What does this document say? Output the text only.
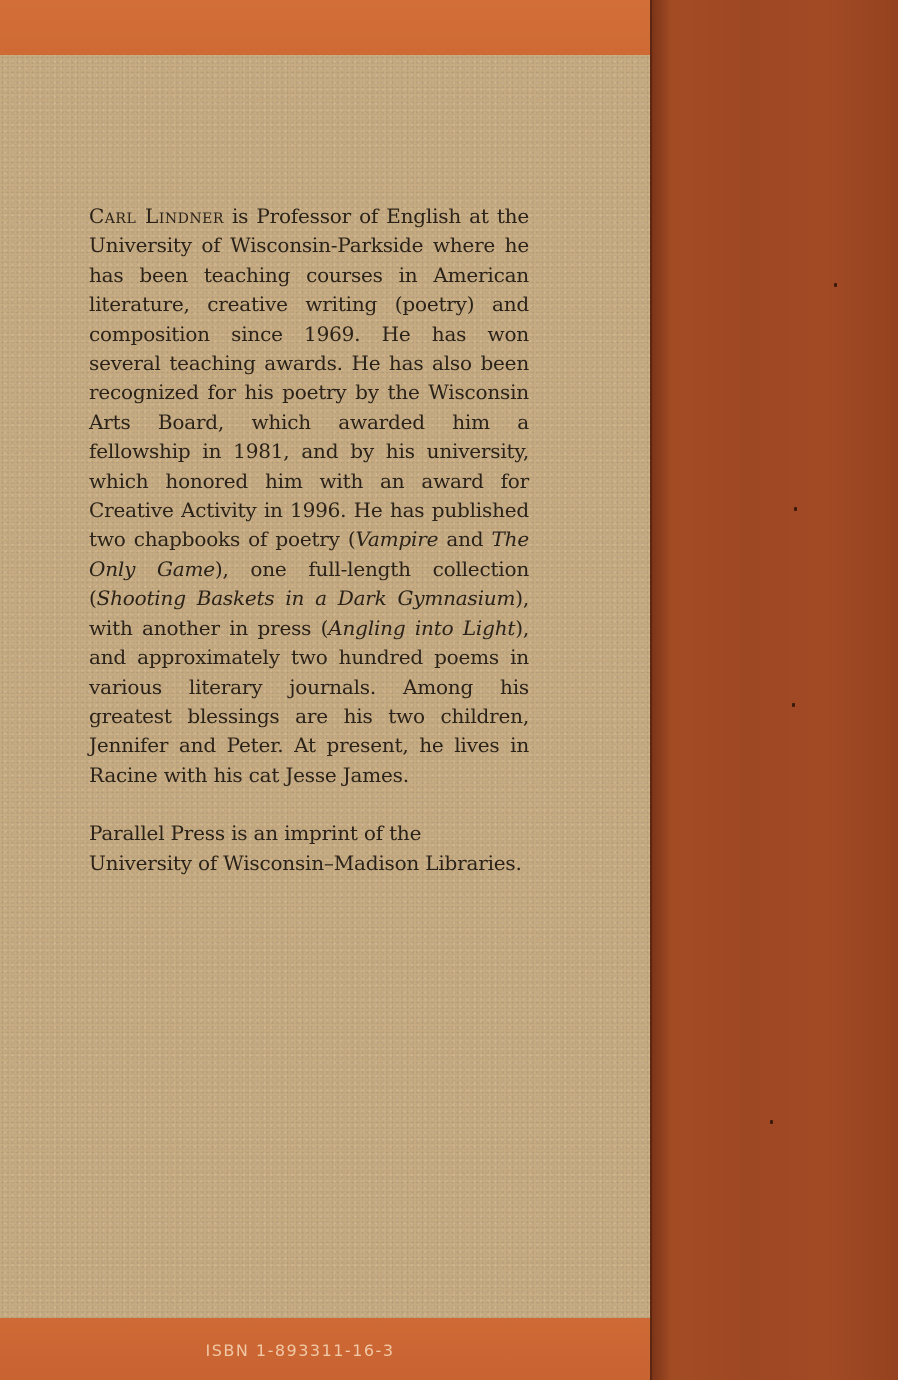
Carl Lindner is Professor of English at the University of Wisconsin-Parkside where he has been teaching courses in American literature, creative writing (poetry) and composition since 1969. He has won several teaching awards. He has also been recognized for his poetry by the Wisconsin Arts Board, which awarded him a fellowship in 1981, and by his university, which honored him with an award for Creative Activity in 1996. He has published two chapbooks of poetry (Vampire and The Only Game), one full-length collection (Shooting Baskets in a Dark Gymnasium), with another in press (Angling into Light), and approximately two hundred poems in various literary journals. Among his greatest blessings are his two children, Jennifer and Peter. At present, he lives in Racine with his cat Jesse James.

Parallel Press is an imprint of the University of Wisconsin–Madison Libraries.

ISBN 1-893311-16-3
